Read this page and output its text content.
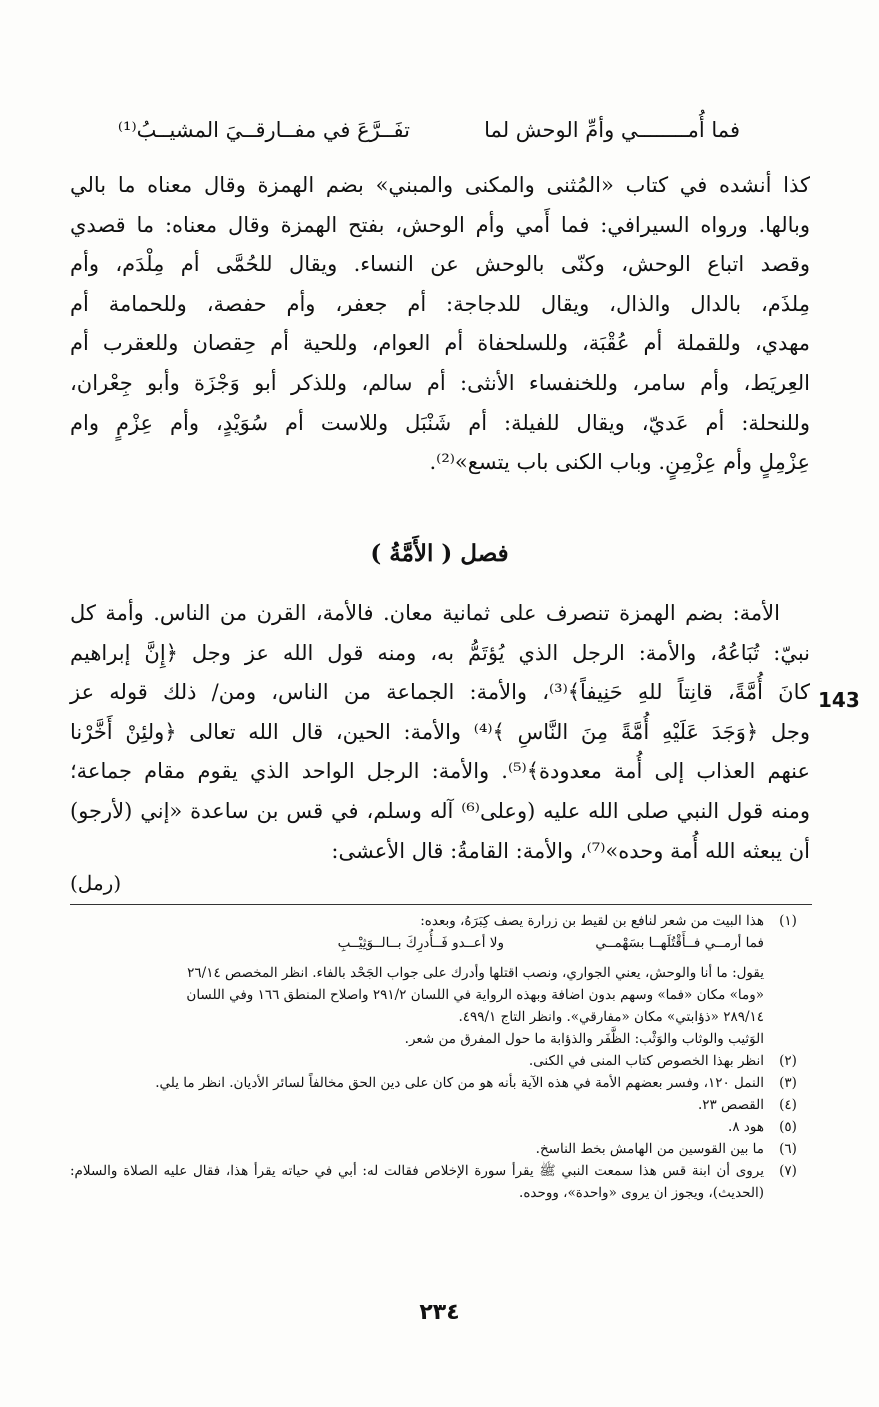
فما أُمــــــــي وأمِّ الوحش لما
تفَــرَّعَ في مفــارقــيَ المشيــبُ⁽¹⁾
كذا أنشده في كتاب «المُثنى والمكنى والمبني» بضم الهمزة وقال معناه ما بالي
وبالها. ورواه السيرافي: فما أَمي وأم الوحش، بفتح الهمزة وقال معناه: ما قصدي
وقصد اتباع الوحش، وكنّى بالوحش عن النساء. ويقال للحُمَّى أم مِلْدَم، وأم
مِلذَم، بالدال والذال، ويقال للدجاجة: أم جعفر، وأم حفصة، وللحمامة أم
مهدي، وللقملة أم عُقْبَة، وللسلحفاة أم العوام، وللحية أم حِقصان وللعقرب أم
العِريَط، وأم سامر، وللخنفساء الأنثى: أم سالم، وللذكر أبو وَجْزَة وأبو جِعْران،
وللنحلة: أم عَديّ، ويقال للفيلة: أم شَنْبَل وللاست أم سُوَيْدٍ، وأم عِزْمٍ وام
عِزْمِلٍ وأم عِزْمِنٍ. وباب الكنى باب يتسع»⁽²⁾.
فصل ( الأَمَّةُ )
الأمة: بضم الهمزة تنصرف على ثمانية معان. فالأمة، القرن من الناس. وأمة كل
نبيّ: تُبَاعُهُ، والأمة: الرجل الذي يُؤتَمُّ به، ومنه قول الله عز وجل ﴿إِنَّ إبراهيم
كانَ أُمَّةً، قانِتاً للهِ حَنِيفاً﴾⁽³⁾، والأمة: الجماعة من الناس، ومن/ ذلك قوله عز
وجل ﴿وَجَدَ عَلَيْهِ أُمَّةً مِنَ النَّاسِ ﴾⁽⁴⁾ والأمة: الحين، قال الله تعالى ﴿ولئِنْ أَخَّرْنا
عنهم العذاب إلى أُمة معدودة﴾⁽⁵⁾. والأمة: الرجل الواحد الذي يقوم مقام جماعة؛
ومنه قول النبي صلى الله عليه (وعلى⁽⁶⁾ آله وسلم، في قس بن ساعدة «إني (لأرجو)
أن يبعثه الله أُمة وحده»⁽⁷⁾، والأمة: القامةُ: قال الأعشى:
143
(رمل)
(١)
هذا البيت من شعر لنافع بن لقيط بن زرارة يصف كِبَرَهُ، وبعده:
فما أرمــي فــأَقْتُلَهــا بسَهْمــي
ولا أعــدو فَــأُدرِكَ بــالــوَثِيْــبِ
يقول: ما أنا والوحش، يعني الجواري، ونصب اقتلها وأدرك على جواب الجَحْد بالفاء. انظر المخصص ٢٦/١٤
«وما» مكان «فما» وسهم بدون اضافة وبهذه الرواية في اللسان ٢٩١/٢ واصلاح المنطق ١٦٦ وفي اللسان
٢٨٩/١٤ «ذؤابتي» مكان «مفارقي». وانظر التاج ٤٩٩/١.
الوَثيب والوثاب والوَثْب: الظَّفَر والذؤابة ما حول المفرق من شعر.
(٢)
انظر بهذا الخصوص كتاب المنى في الكنى.
(٣)
النمل ١٢٠، وفسر بعضهم الأمة في هذه الآية بأنه هو من كان على دين الحق مخالفاً لسائر الأديان. انظر ما يلي.
(٤)
القصص ٢٣.
(٥)
هود ٨.
(٦)
ما بين القوسين من الهامش بخط الناسخ.
(٧)
يروى أن ابنة قس هذا سمعت النبي ﷺ يقرأ سورة الإخلاص فقالت له: أبي في حياته يقرأ هذا، فقال عليه الصلاة والسلام: (الحديث)، ويجوز ان يروى «واحدة»، ووحده.
٢٣٤
